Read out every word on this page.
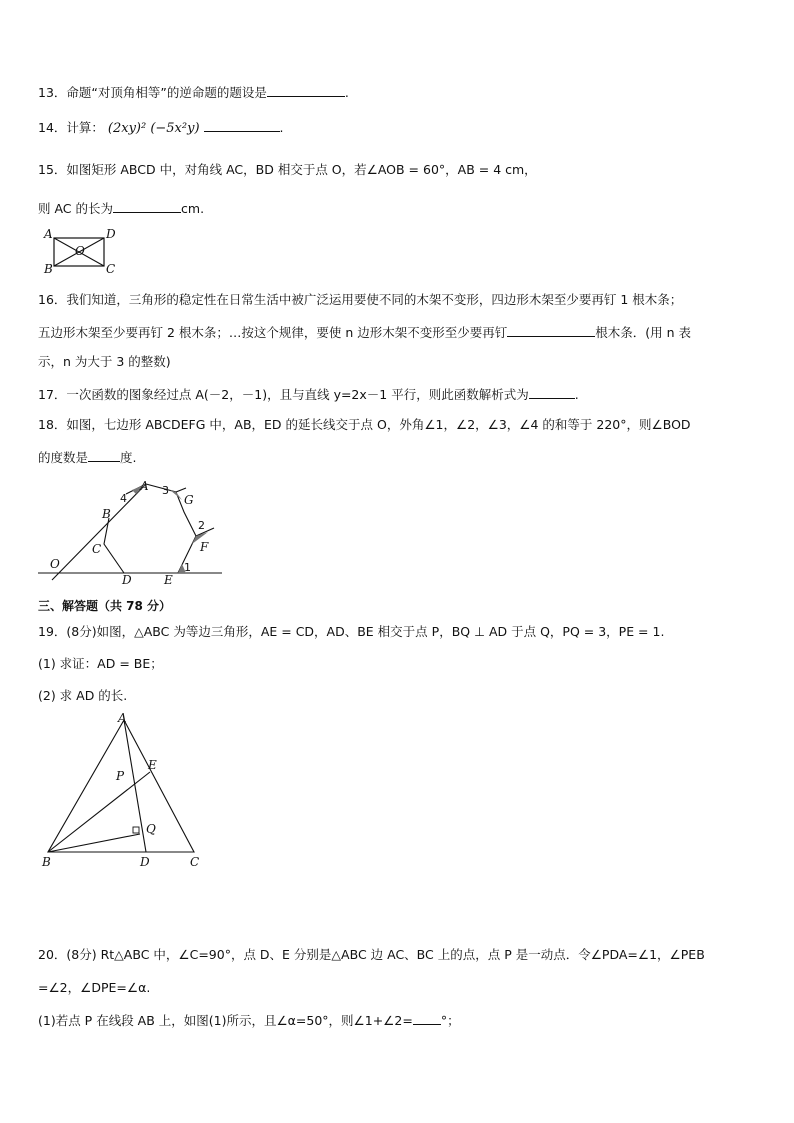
13．命题“对顶角相等”的逆命题的题设是	.
14．计算： (2xy)² (−5x²y)	.
15．如图矩形 ABCD 中，对角线 AC，BD 相交于点 O，若∠AOB = 60°，AB = 4 cm，
则 AC 的长为	cm.
A	D
B	C
O
16．我们知道，三角形的稳定性在日常生活中被广泛运用要使不同的木架不变形，四边形木架至少要再钉 1 根木条；
五边形木架至少要再钉 2 根木条；…按这个规律，要使 n 边形木架不变形至少要再钉	根木条．(用 n 表
示，n 为大于 3 的整数)
17．一次函数的图象经过点 A(－2，－1)，且与直线 y=2x－1 平行，则此函数解析式为	.
18．如图，七边形 ABCDEFG 中，AB，ED 的延长线交于点 O，外角∠1，∠2，∠3，∠4 的和等于 220°，则∠BOD
的度数是	度.
A
G
B
C
D	E
F
O	1
2
3
4
三、解答题（共 78 分）
19．(8分)如图，△ABC 为等边三角形，AE = CD，AD、BE 相交于点 P，BQ ⊥ AD 于点 Q，PQ = 3，PE = 1.
(1) 求证：AD = BE；
(2) 求 AD 的长.
A
B	C
D
E
P
Q
20．(8分) Rt△ABC 中，∠C=90°，点 D、E 分别是△ABC 边 AC、BC 上的点，点 P 是一动点．令∠PDA=∠1，∠PEB
=∠2，∠DPE=∠α.
(1)若点 P 在线段 AB 上，如图(1)所示，且∠α=50°，则∠1+∠2= °；
